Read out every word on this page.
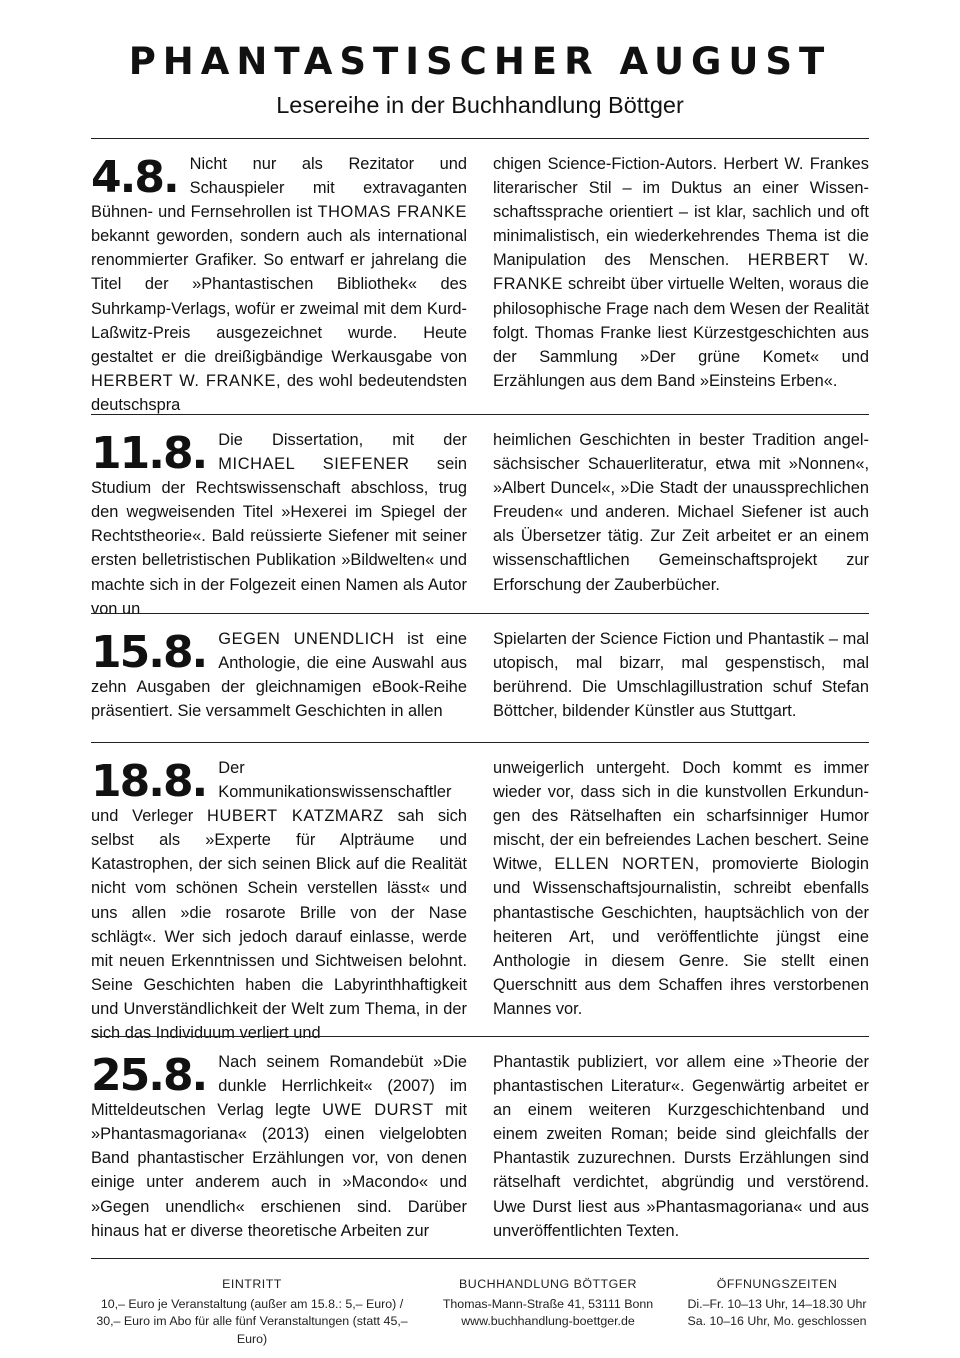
PHANTASTISCHER AUGUST
Lesereihe in der Buchhandlung Böttger
4.8. Nicht nur als Rezitator und Schauspieler mit extravaganten Bühnen- und Fernsehrollen ist THOMAS FRANKE bekannt geworden, sondern auch als international renommierter Grafiker. So entwarf er jahrelang die Titel der »Phantastischen Bibliothek« des Suhrkamp-Verlags, wofür er zweimal mit dem Kurd-Laßwitz-Preis ausgezeichnet wurde. Heute gestaltet er die dreißigbändige Werkausgabe von HERBERT W. FRANKE, des wohl bedeutendsten deutschspra
chigen Science-Fiction-Autors. Herbert W. Frankes literarischer Stil – im Duktus an einer Wissenschaftssprache orientiert – ist klar, sachlich und oft minimalistisch, ein wiederkehrendes Thema ist die Manipulation des Menschen. HERBERT W. FRANKE schreibt über virtuelle Welten, woraus die philosophische Frage nach dem Wesen der Realität folgt. Thomas Franke liest Kürzestgeschichten aus der Sammlung »Der grüne Komet« und Erzählungen aus dem Band »Einsteins Erben«.
11.8. Die Dissertation, mit der MICHAEL SIEFENER sein Studium der Rechtswissenschaft abschloss, trug den wegweisenden Titel »Hexerei im Spiegel der Rechtstheorie«. Bald reüssierte Siefener mit seiner ersten belletristischen Publikation »Bildwelten« und machte sich in der Folgezeit einen Namen als Autor von un
heimlichen Geschichten in bester Tradition angelsächsischer Schauerliteratur, etwa mit »Nonnen«, »Albert Duncel«, »Die Stadt der unaussprechlichen Freuden« und anderen. Michael Siefener ist auch als Übersetzer tätig. Zur Zeit arbeitet er an einem wissenschaftlichen Gemeinschaftsprojekt zur Erforschung der Zauberbücher.
15.8. GEGEN UNENDLICH ist eine Anthologie, die eine Auswahl aus zehn Ausgaben der gleichnamigen eBook-Reihe präsentiert. Sie versammelt Geschichten in allen
Spielarten der Science Fiction und Phantastik – mal utopisch, mal bizarr, mal gespenstisch, mal berührend. Die Umschlagillustration schuf Stefan Böttcher, bildender Künstler aus Stuttgart.
18.8. Der Kommunikationswissenschaftler und Verleger HUBERT KATZMARZ sah sich selbst als »Experte für Alpträume und Katastrophen, der sich seinen Blick auf die Realität nicht vom schönen Schein verstellen lässt« und uns allen »die rosarote Brille von der Nase schlägt«. Wer sich jedoch darauf einlasse, werde mit neuen Erkenntnissen und Sichtweisen belohnt. Seine Geschichten haben die Labyrinthhaftigkeit und Unverständlichkeit der Welt zum Thema, in der sich das Individuum verliert und
unweigerlich untergeht. Doch kommt es immer wieder vor, dass sich in die kunstvollen Erkundungen des Rätselhaften ein scharfsinniger Humor mischt, der ein befreiendes Lachen beschert. Seine Witwe, ELLEN NORTEN, promovierte Biologin und Wissenschaftsjournalistin, schreibt ebenfalls phantastische Geschichten, hauptsächlich von der heiteren Art, und veröffentlichte jüngst eine Anthologie in diesem Genre. Sie stellt einen Querschnitt aus dem Schaffen ihres verstorbenen Mannes vor.
25.8. Nach seinem Romandebüt »Die dunkle Herrlichkeit« (2007) im Mitteldeutschen Verlag legte UWE DURST mit »Phantasmagoriana« (2013) einen vielgelobten Band phantastischer Erzählungen vor, von denen einige unter anderem auch in »Macondo« und »Gegen unendlich« erschienen sind. Darüber hinaus hat er diverse theoretische Arbeiten zur
Phantastik publiziert, vor allem eine »Theorie der phantastischen Literatur«. Gegenwärtig arbeitet er an einem weiteren Kurzgeschichtenband und einem zweiten Roman; beide sind gleichfalls der Phantastik zuzurechnen. Dursts Erzählungen sind rätselhaft verdichtet, abgründig und verstörend. Uwe Durst liest aus »Phantasmagoriana« und aus unveröffentlichten Texten.
EINTRITT
10,– Euro je Veranstaltung (außer am 15.8.: 5,– Euro) /
30,– Euro im Abo für alle fünf Veranstaltungen (statt 45,– Euro)
BUCHHANDLUNG BÖTTGER
Thomas-Mann-Straße 41, 53111 Bonn
www.buchhandlung-boettger.de
ÖFFNUNGSZEITEN
Di.–Fr. 10–13 Uhr, 14–18.30 Uhr
Sa. 10–16 Uhr, Mo. geschlossen
